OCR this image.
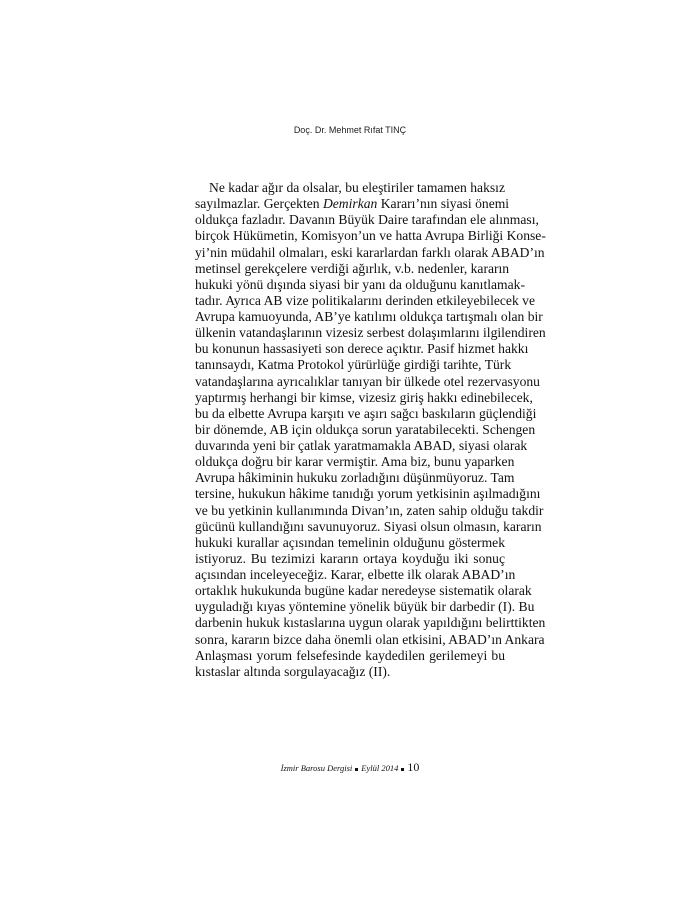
Doç. Dr. Mehmet Rıfat TINÇ
Ne kadar ağır da olsalar, bu eleştiriler tamamen haksız
sayılmazlar. Gerçekten Demirkan Kararı’nın siyasi önemi
oldukça fazladır. Davanın Büyük Daire tarafından ele alınması,
birçok Hükümetin, Komisyon’un ve hatta Avrupa Birliği Konse-
yi’nin müdahil olmaları, eski kararlardan farklı olarak ABAD’ın
metinsel gerekçelere verdiği ağırlık, v.b. nedenler, kararın
hukuki yönü dışında siyasi bir yanı da olduğunu kanıtlamak-
tadır. Ayrıca AB vize politikalarını derinden etkileyebilecek ve
Avrupa kamuoyunda, AB’ye katılımı oldukça tartışmalı olan bir
ülkenin vatandaşlarının vizesiz serbest dolaşımlarını ilgilendiren
bu konunun hassasiyeti son derece açıktır. Pasif hizmet hakkı
tanınsaydı, Katma Protokol yürürlüğe girdiği tarihte, Türk
vatandaşlarına ayrıcalıklar tanıyan bir ülkede otel rezervasyonu
yaptırmış herhangi bir kimse, vizesiz giriş hakkı edinebilecek,
bu da elbette Avrupa karşıtı ve aşırı sağcı baskıların güçlendiği
bir dönemde, AB için oldukça sorun yaratabilecekti. Schengen
duvarında yeni bir çatlak yaratmamakla ABAD, siyasi olarak
oldukça doğru bir karar vermiştir. Ama biz, bunu yaparken
Avrupa hâkiminin hukuku zorladığını düşünmüyoruz. Tam
tersine, hukukun hâkime tanıdığı yorum yetkisinin aşılmadığını
ve bu yetkinin kullanımında Divan’ın, zaten sahip olduğu takdir
gücünü kullandığını savunuyoruz. Siyasi olsun olmasın, kararın
hukuki kurallar açısından temelinin olduğunu göstermek
istiyoruz. Bu tezimizi kararın ortaya koyduğu iki sonuç
açısından inceleyeceğiz. Karar, elbette ilk olarak ABAD’ın
ortaklık hukukunda bugüne kadar neredeyse sistematik olarak
uyguladığı kıyas yöntemine yönelik büyük bir darbedir (I). Bu
darbenin hukuk kıstaslarına uygun olarak yapıldığını belirttikten
sonra, kararın bizce daha önemli olan etkisini, ABAD’ın Ankara
Anlaşması yorum felsefesinde kaydedilen gerilemeyi bu
kıstaslar altında sorgulayacağız (II).
İzmir Barosu Dergisi Eylül 2014 10
